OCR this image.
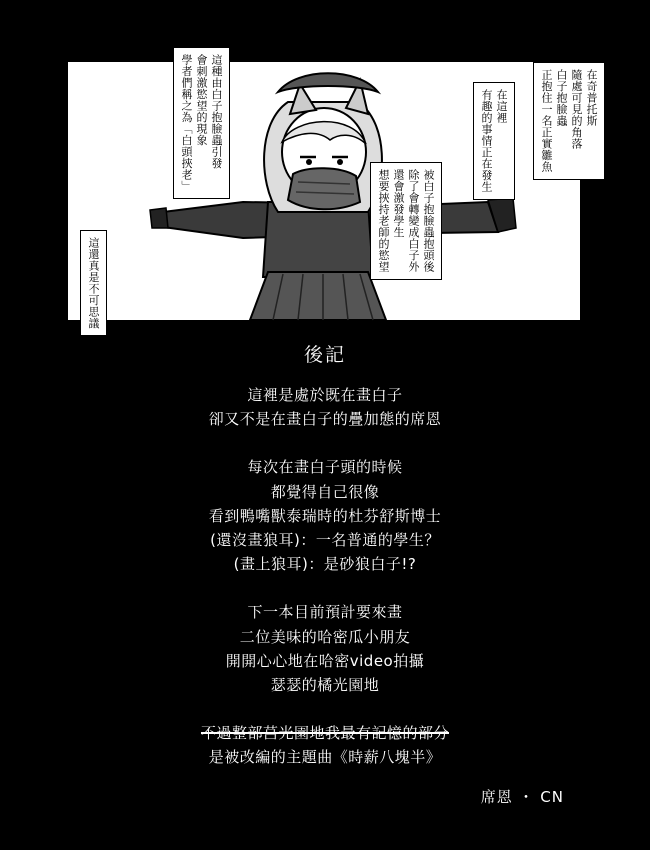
在奇普托斯
隨處可見的角落
白子抱臉蟲
正抱住一名正實雛魚
在這裡
有趣的事情正在發生
這種由白子抱臉蟲引發
會刺激慾望的現象
學者們稱之為「白頭挾老」
被白子抱臉蟲抱頭後
除了會轉變成白子外
還會激發學生
想要挾持老師的慾望
這還真是不可思議
後記
這裡是處於既在畫白子
卻又不是在畫白子的疊加態的席恩
每次在畫白子頭的時候
都覺得自己很像
看到鴨嘴獸泰瑞時的杜芬舒斯博士
(還沒畫狼耳)：一名普通的學生？
(畫上狼耳)：是砂狼白子!?
下一本目前預計要來畫
二位美味的哈密瓜小朋友
開開心心地在哈密video拍攝
瑟瑟的橘光園地
不過整部莒光園地我最有記憶的部分
是被改編的主題曲《時薪八塊半》
席恩 ・ CN
